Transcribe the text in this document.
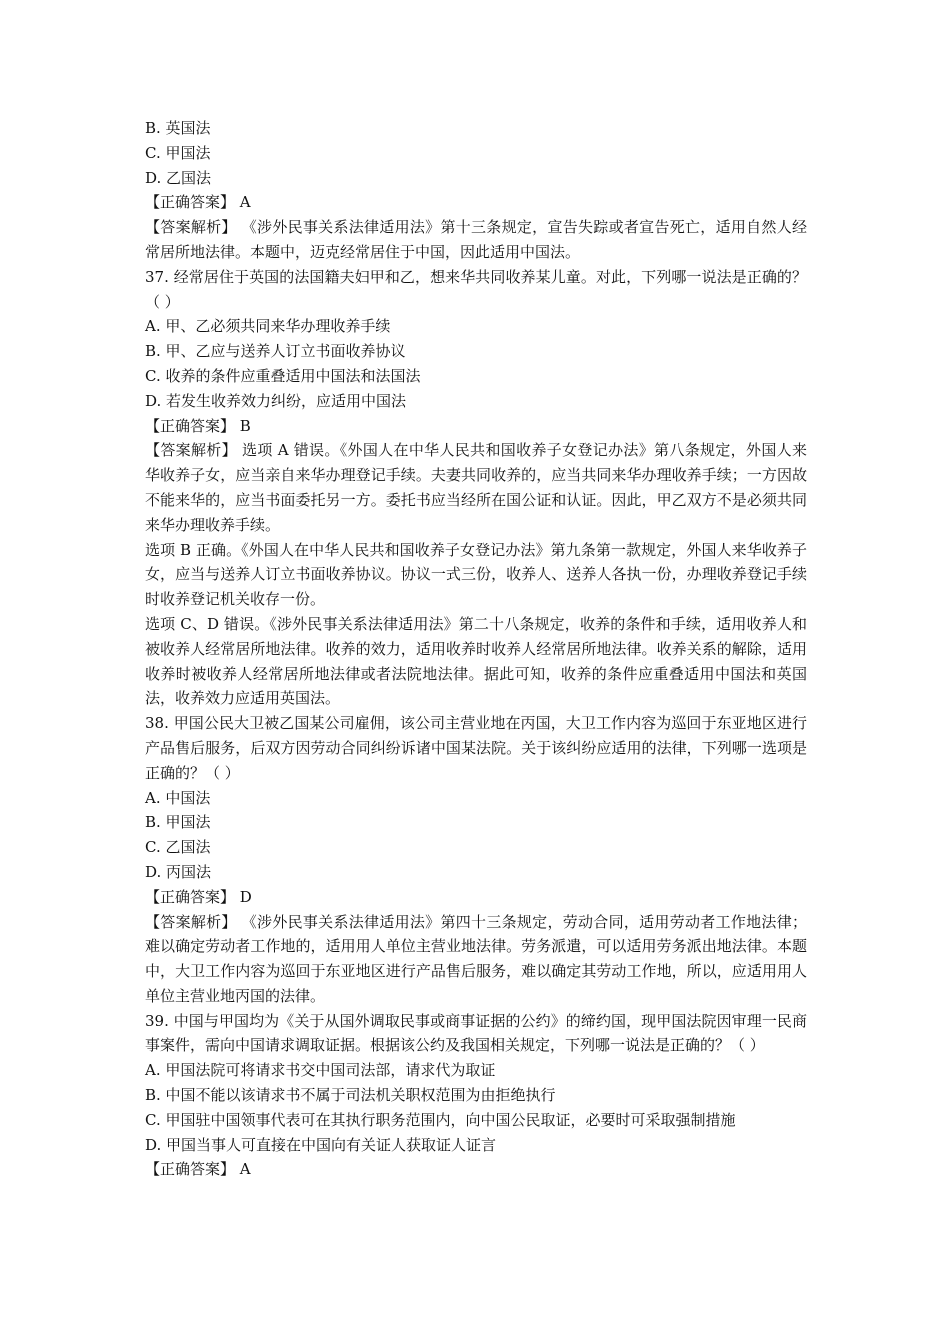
B. 英国法

C. 甲国法

D. 乙国法

【正确答案】 A

【答案解析】 《涉外民事关系法律适用法》第十三条规定，宣告失踪或者宣告死亡，适用自然人经常居所地法律。本题中，迈克经常居住于中国，因此适用中国法。

37. 经常居住于英国的法国籍夫妇甲和乙，想来华共同收养某儿童。对此，下列哪一说法是正确的？（ ）

A. 甲、乙必须共同来华办理收养手续

B. 甲、乙应与送养人订立书面收养协议

C. 收养的条件应重叠适用中国法和法国法

D. 若发生收养效力纠纷，应适用中国法

【正确答案】 B

【答案解析】 选项 A 错误。《外国人在中华人民共和国收养子女登记办法》第八条规定，外国人来华收养子女，应当亲自来华办理登记手续。夫妻共同收养的，应当共同来华办理收养手续；一方因故不能来华的，应当书面委托另一方。委托书应当经所在国公证和认证。因此，甲乙双方不是必须共同来华办理收养手续。

选项 B 正确。《外国人在中华人民共和国收养子女登记办法》第九条第一款规定，外国人来华收养子女，应当与送养人订立书面收养协议。协议一式三份，收养人、送养人各执一份，办理收养登记手续时收养登记机关收存一份。

选项 C、D 错误。《涉外民事关系法律适用法》第二十八条规定，收养的条件和手续，适用收养人和被收养人经常居所地法律。收养的效力，适用收养时收养人经常居所地法律。收养关系的解除，适用收养时被收养人经常居所地法律或者法院地法律。据此可知，收养的条件应重叠适用中国法和英国法，收养效力应适用英国法。

38. 甲国公民大卫被乙国某公司雇佣，该公司主营业地在丙国，大卫工作内容为巡回于东亚地区进行产品售后服务，后双方因劳动合同纠纷诉诸中国某法院。关于该纠纷应适用的法律，下列哪一选项是正确的？（ ）

A. 中国法

B. 甲国法

C. 乙国法

D. 丙国法

【正确答案】 D

【答案解析】 《涉外民事关系法律适用法》第四十三条规定，劳动合同，适用劳动者工作地法律；难以确定劳动者工作地的，适用用人单位主营业地法律。劳务派遣，可以适用劳务派出地法律。本题中，大卫工作内容为巡回于东亚地区进行产品售后服务，难以确定其劳动工作地，所以，应适用用人单位主营业地丙国的法律。

39. 中国与甲国均为《关于从国外调取民事或商事证据的公约》的缔约国，现甲国法院因审理一民商事案件，需向中国请求调取证据。根据该公约及我国相关规定，下列哪一说法是正确的？（ ）

A. 甲国法院可将请求书交中国司法部，请求代为取证

B. 中国不能以该请求书不属于司法机关职权范围为由拒绝执行

C. 甲国驻中国领事代表可在其执行职务范围内，向中国公民取证，必要时可采取强制措施

D. 甲国当事人可直接在中国向有关证人获取证人证言

【正确答案】 A
